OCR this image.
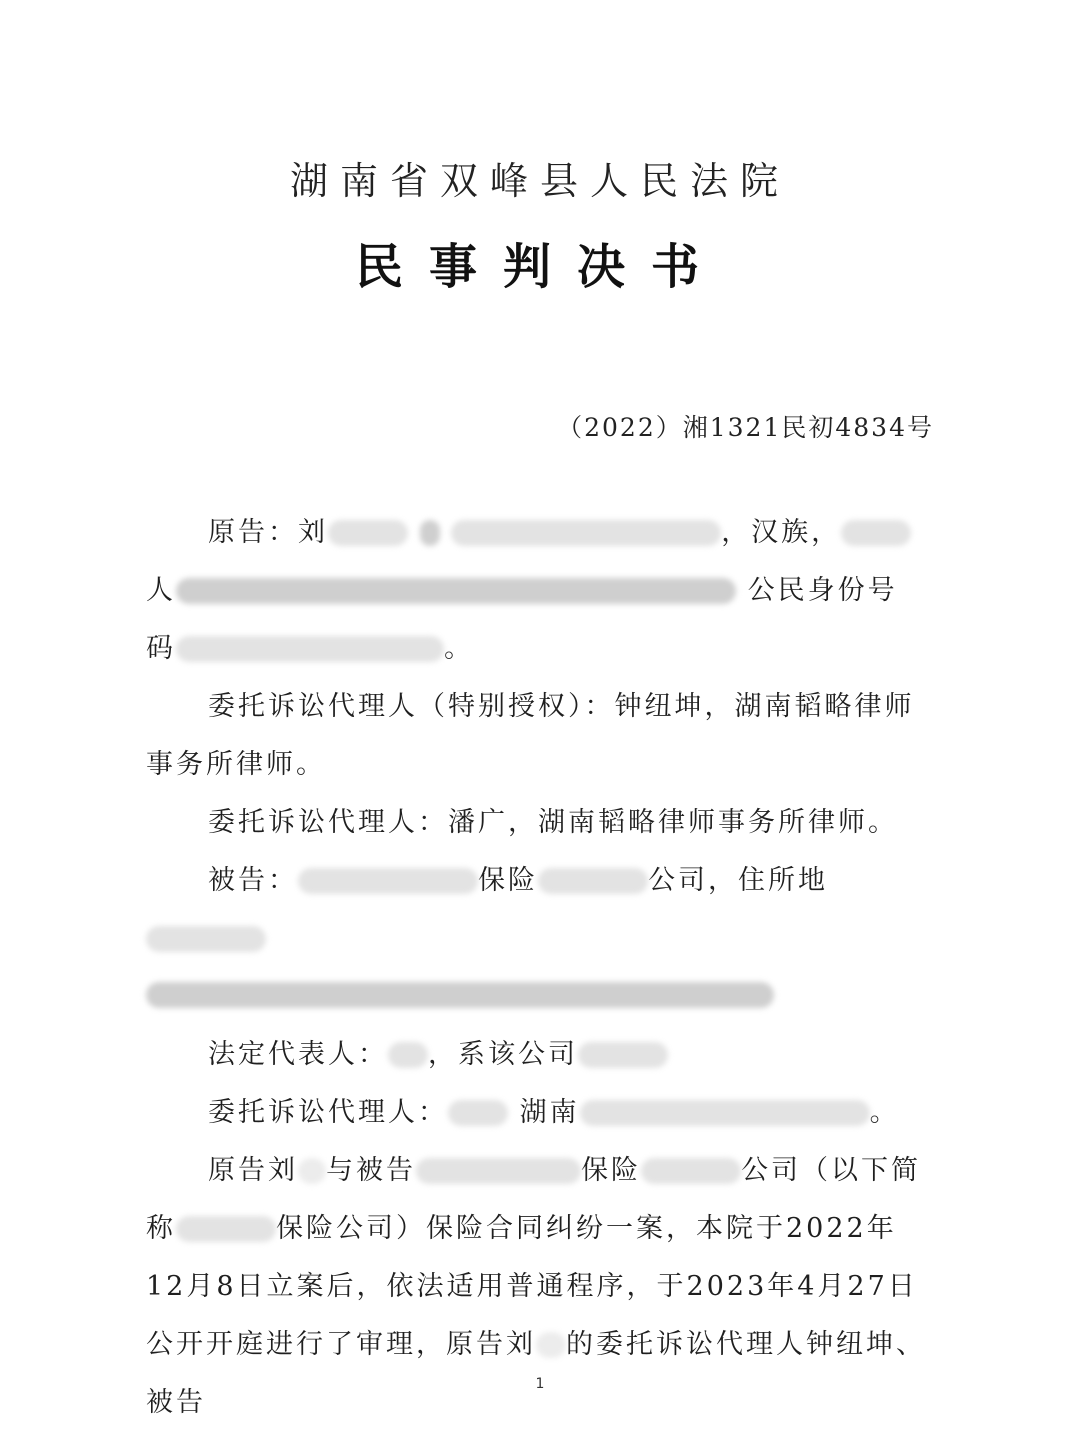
湖南省双峰县人民法院
民事判决书
（2022）湘1321民初4834号

原告：刘	，汉族，
人	公民身份号
码	。

委托诉讼代理人（特别授权）：钟纽坤，湖南韬略律师事务所律师。

委托诉讼代理人：潘广，湖南韬略律师事务所律师。

被告：	保险	公司，住所地

法定代表人： ，系该公司

委托诉讼代理人：	湖南	。

原告刘 与被告	保险	公司（以下简称	保险公司）保险合同纠纷一案，本院于2022年12月8日立案后，依法适用普通程序，于2023年4月27日公开开庭进行了审理，原告刘 的委托诉讼代理人钟纽坤、被告

1
